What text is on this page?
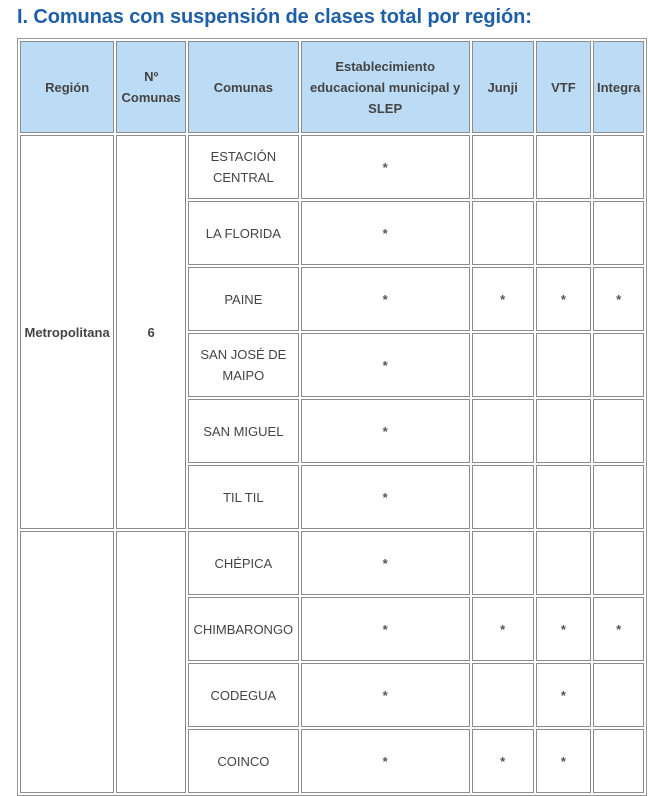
I. Comunas con suspensión de clases total por región:
Región	Nº Comunas	Comunas	Establecimiento educacional municipal y SLEP	Junji	VTF	Integra
Metropolitana	6	ESTACIÓN CENTRAL	*			
		LA FLORIDA	*			
		PAINE	*	*	*	*
		SAN JOSÉ DE MAIPO	*			
		SAN MIGUEL	*			
		TIL TIL	*			
		CHÉPICA	*			
		CHIMBARONGO	*	*	*	*
		CODEGUA	*		*	
		COINCO	*	*	*	
